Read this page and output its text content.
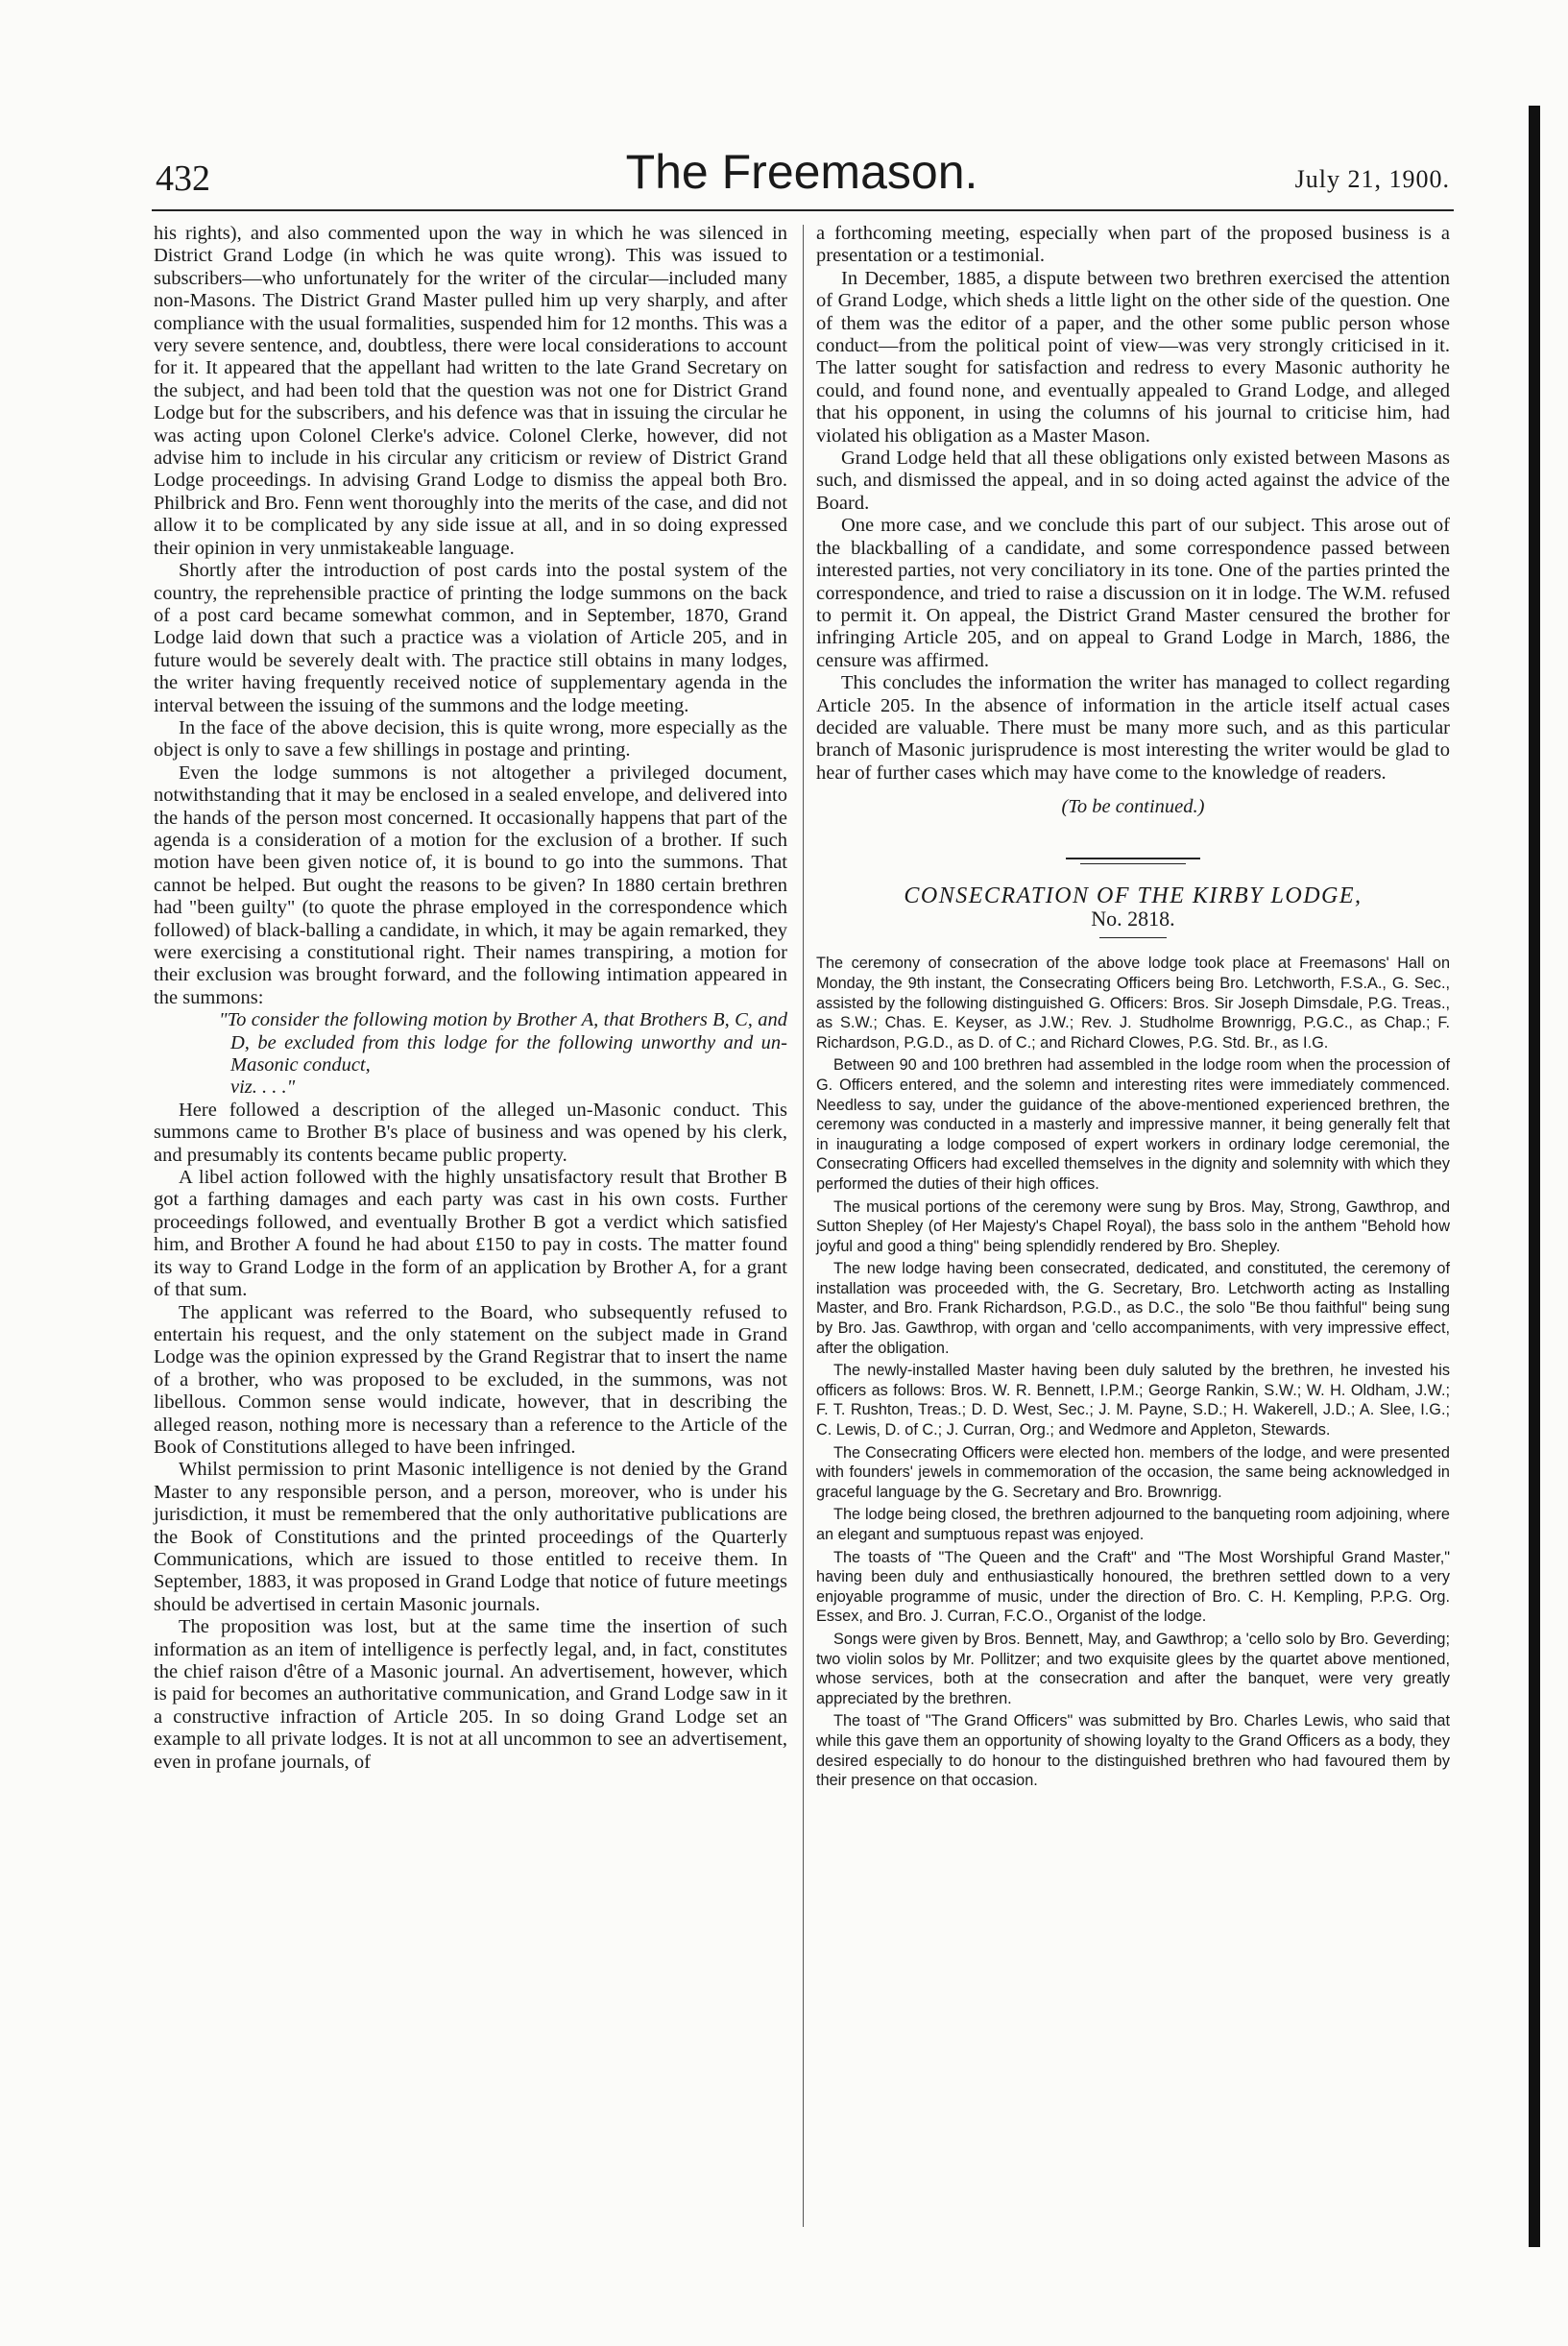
432	The Freemason.	July 21, 1900.

his rights), and also commented upon the way in which he was silenced in District Grand Lodge (in which he was quite wrong). This was issued to subscribers—who unfortunately for the writer of the circular—included many non-Masons. The District Grand Master pulled him up very sharply, and after compliance with the usual formalities, suspended him for 12 months. This was a very severe sentence, and, doubtless, there were local considerations to account for it. It appeared that the appellant had written to the late Grand Secretary on the subject, and had been told that the question was not one for District Grand Lodge but for the subscribers, and his defence was that in issuing the circular he was acting upon Colonel Clerke's advice. Colonel Clerke, however, did not advise him to include in his circular any criticism or review of District Grand Lodge proceedings. In advising Grand Lodge to dismiss the appeal both Bro. Philbrick and Bro. Fenn went thoroughly into the merits of the case, and did not allow it to be complicated by any side issue at all, and in so doing expressed their opinion in very unmistakeable language.

Shortly after the introduction of post cards into the postal system of the country, the reprehensible practice of printing the lodge summons on the back of a post card became somewhat common, and in September, 1870, Grand Lodge laid down that such a practice was a violation of Article 205, and in future would be severely dealt with. The practice still obtains in many lodges, the writer having frequently received notice of supplementary agenda in the interval between the issuing of the summons and the lodge meeting.

In the face of the above decision, this is quite wrong, more especially as the object is only to save a few shillings in postage and printing.

Even the lodge summons is not altogether a privileged document, notwithstanding that it may be enclosed in a sealed envelope, and delivered into the hands of the person most concerned. It occasionally happens that part of the agenda is a consideration of a motion for the exclusion of a brother. If such motion have been given notice of, it is bound to go into the summons. That cannot be helped. But ought the reasons to be given? In 1880 certain brethren had "been guilty" (to quote the phrase employed in the correspondence which followed) of black-balling a candidate, in which, it may be again remarked, they were exercising a constitutional right. Their names transpiring, a motion for their exclusion was brought forward, and the following intimation appeared in the summons:

"To consider the following motion by Brother A, that Brothers B, C, and D, be excluded from this lodge for the following unworthy and un-Masonic conduct,

viz. . . ."

Here followed a description of the alleged un-Masonic conduct. This summons came to Brother B's place of business and was opened by his clerk, and presumably its contents became public property.

A libel action followed with the highly unsatisfactory result that Brother B got a farthing damages and each party was cast in his own costs. Further proceedings followed, and eventually Brother B got a verdict which satisfied him, and Brother A found he had about £150 to pay in costs. The matter found its way to Grand Lodge in the form of an application by Brother A, for a grant of that sum.

The applicant was referred to the Board, who subsequently refused to entertain his request, and the only statement on the subject made in Grand Lodge was the opinion expressed by the Grand Registrar that to insert the name of a brother, who was proposed to be excluded, in the summons, was not libellous. Common sense would indicate, however, that in describing the alleged reason, nothing more is necessary than a reference to the Article of the Book of Constitutions alleged to have been infringed.

Whilst permission to print Masonic intelligence is not denied by the Grand Master to any responsible person, and a person, moreover, who is under his jurisdiction, it must be remembered that the only authoritative publications are the Book of Constitutions and the printed proceedings of the Quarterly Communications, which are issued to those entitled to receive them. In September, 1883, it was proposed in Grand Lodge that notice of future meetings should be advertised in certain Masonic journals.

The proposition was lost, but at the same time the insertion of such information as an item of intelligence is perfectly legal, and, in fact, constitutes the chief raison d'être of a Masonic journal. An advertisement, however, which is paid for becomes an authoritative communication, and Grand Lodge saw in it a constructive infraction of Article 205. In so doing Grand Lodge set an example to all private lodges. It is not at all uncommon to see an advertisement, even in profane journals, of

a forthcoming meeting, especially when part of the proposed business is a presentation or a testimonial.

In December, 1885, a dispute between two brethren exercised the attention of Grand Lodge, which sheds a little light on the other side of the question. One of them was the editor of a paper, and the other some public person whose conduct—from the political point of view—was very strongly criticised in it. The latter sought for satisfaction and redress to every Masonic authority he could, and found none, and eventually appealed to Grand Lodge, and alleged that his opponent, in using the columns of his journal to criticise him, had violated his obligation as a Master Mason.

Grand Lodge held that all these obligations only existed between Masons as such, and dismissed the appeal, and in so doing acted against the advice of the Board.

One more case, and we conclude this part of our subject. This arose out of the blackballing of a candidate, and some correspondence passed between interested parties, not very conciliatory in its tone. One of the parties printed the correspondence, and tried to raise a discussion on it in lodge. The W.M. refused to permit it. On appeal, the District Grand Master censured the brother for infringing Article 205, and on appeal to Grand Lodge in March, 1886, the censure was affirmed.

This concludes the information the writer has managed to collect regarding Article 205. In the absence of information in the article itself actual cases decided are valuable. There must be many more such, and as this particular branch of Masonic jurisprudence is most interesting the writer would be glad to hear of further cases which may have come to the knowledge of readers.

(To be continued.)

CONSECRATION OF THE KIRBY LODGE,

No. 2818.

The ceremony of consecration of the above lodge took place at Freemasons' Hall on Monday, the 9th instant, the Consecrating Officers being Bro. Letchworth, F.S.A., G. Sec., assisted by the following distinguished G. Officers: Bros. Sir Joseph Dimsdale, P.G. Treas., as S.W.; Chas. E. Keyser, as J.W.; Rev. J. Studholme Brownrigg, P.G.C., as Chap.; F. Richardson, P.G.D., as D. of C.; and Richard Clowes, P.G. Std. Br., as I.G.

Between 90 and 100 brethren had assembled in the lodge room when the procession of G. Officers entered, and the solemn and interesting rites were immediately commenced. Needless to say, under the guidance of the above-mentioned experienced brethren, the ceremony was conducted in a masterly and impressive manner, it being generally felt that in inaugurating a lodge composed of expert workers in ordinary lodge ceremonial, the Consecrating Officers had excelled themselves in the dignity and solemnity with which they performed the duties of their high offices.

The musical portions of the ceremony were sung by Bros. May, Strong, Gawthrop, and Sutton Shepley (of Her Majesty's Chapel Royal), the bass solo in the anthem "Behold how joyful and good a thing" being splendidly rendered by Bro. Shepley.

The new lodge having been consecrated, dedicated, and constituted, the ceremony of installation was proceeded with, the G. Secretary, Bro. Letchworth acting as Installing Master, and Bro. Frank Richardson, P.G.D., as D.C., the solo "Be thou faithful" being sung by Bro. Jas. Gawthrop, with organ and 'cello accompaniments, with very impressive effect, after the obligation.

The newly-installed Master having been duly saluted by the brethren, he invested his officers as follows: Bros. W. R. Bennett, I.P.M.; George Rankin, S.W.; W. H. Oldham, J.W.; F. T. Rushton, Treas.; D. D. West, Sec.; J. M. Payne, S.D.; H. Wakerell, J.D.; A. Slee, I.G.; C. Lewis, D. of C.; J. Curran, Org.; and Wedmore and Appleton, Stewards.

The Consecrating Officers were elected hon. members of the lodge, and were presented with founders' jewels in commemoration of the occasion, the same being acknowledged in graceful language by the G. Secretary and Bro. Brownrigg.

The lodge being closed, the brethren adjourned to the banqueting room adjoining, where an elegant and sumptuous repast was enjoyed.

The toasts of "The Queen and the Craft" and "The Most Worshipful Grand Master," having been duly and enthusiastically honoured, the brethren settled down to a very enjoyable programme of music, under the direction of Bro. C. H. Kempling, P.P.G. Org. Essex, and Bro. J. Curran, F.C.O., Organist of the lodge.

Songs were given by Bros. Bennett, May, and Gawthrop; a 'cello solo by Bro. Geverding; two violin solos by Mr. Pollitzer; and two exquisite glees by the quartet above mentioned, whose services, both at the consecration and after the banquet, were very greatly appreciated by the brethren.

The toast of "The Grand Officers" was submitted by Bro. Charles Lewis, who said that while this gave them an opportunity of showing loyalty to the Grand Officers as a body, they desired especially to do honour to the distinguished brethren who had favoured them by their presence on that occasion.
